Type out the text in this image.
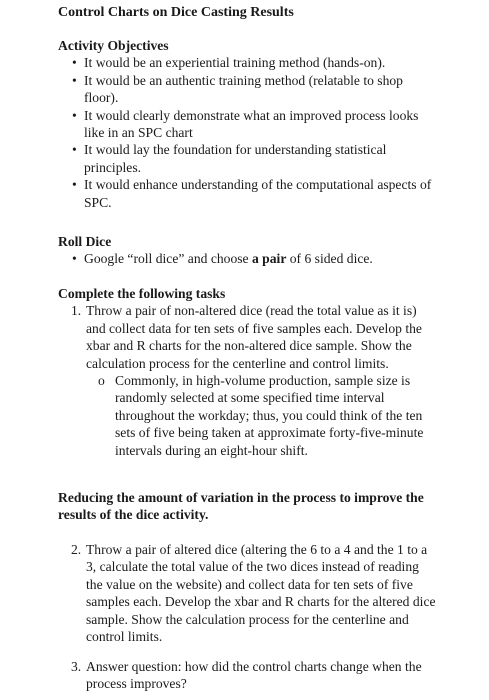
Control Charts on Dice Casting Results
Activity Objectives
• It would be an experiential training method (hands-on).
• It would be an authentic training method (relatable to shop floor).
• It would clearly demonstrate what an improved process looks like in an SPC chart
• It would lay the foundation for understanding statistical principles.
• It would enhance understanding of the computational aspects of SPC.
Roll Dice
• Google “roll dice” and choose a pair of 6 sided dice.
Complete the following tasks
1. Throw a pair of non-altered dice (read the total value as it is) and collect data for ten sets of five samples each. Develop the xbar and R charts for the non-altered dice sample. Show the calculation process for the centerline and control limits.
o Commonly, in high-volume production, sample size is randomly selected at some specified time interval throughout the workday; thus, you could think of the ten sets of five being taken at approximate forty-five-minute intervals during an eight-hour shift.
Reducing the amount of variation in the process to improve the results of the dice activity.
2. Throw a pair of altered dice (altering the 6 to a 4 and the 1 to a 3, calculate the total value of the two dices instead of reading the value on the website) and collect data for ten sets of five samples each. Develop the xbar and R charts for the altered dice sample. Show the calculation process for the centerline and control limits.
3. Answer question: how did the control charts change when the process improves?
